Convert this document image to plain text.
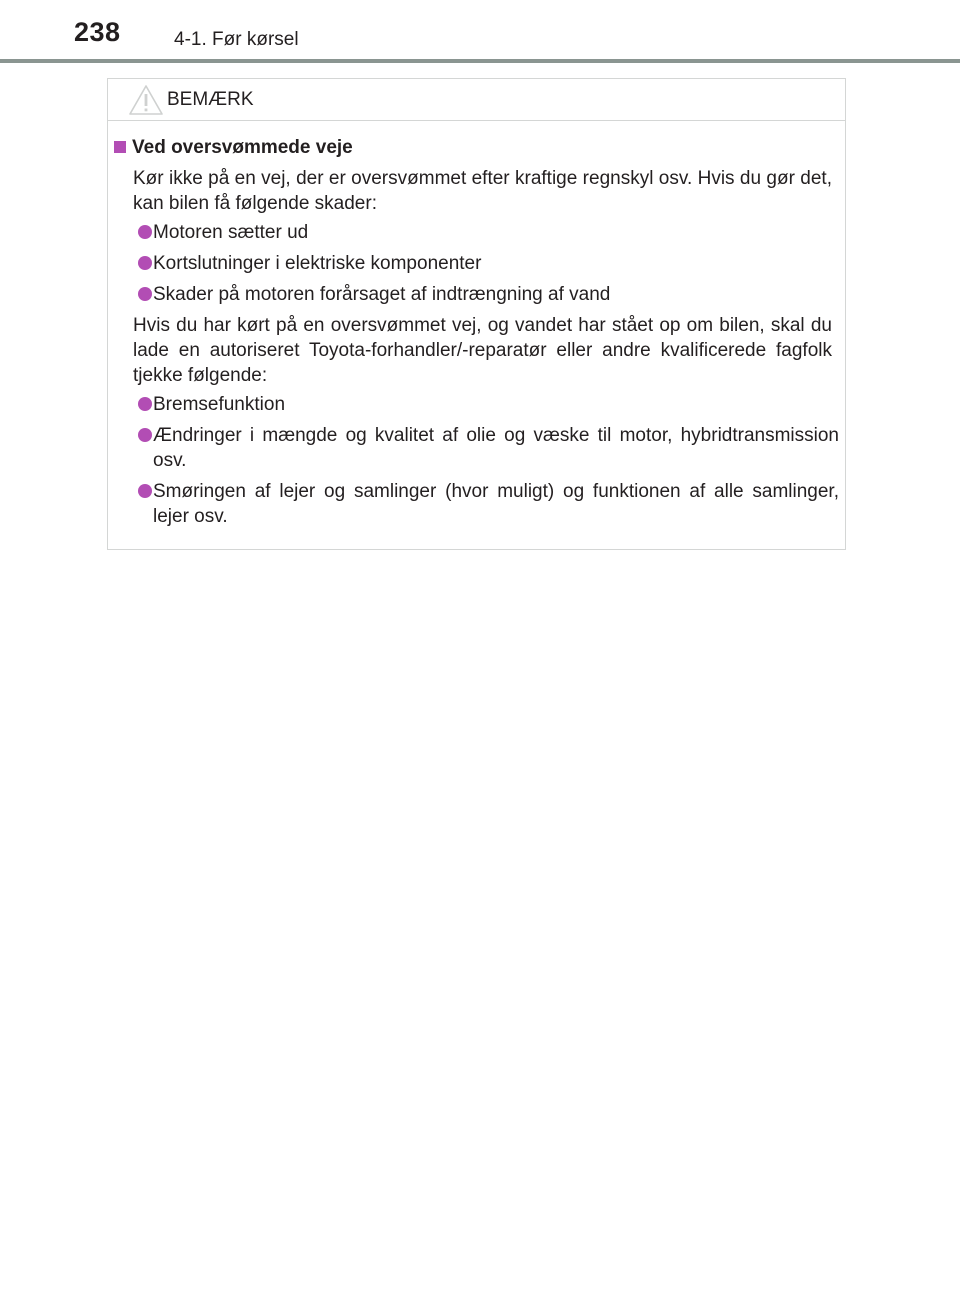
238	4-1. Før kørsel
BEMÆRK
Ved oversvømmede veje
Kør ikke på en vej, der er oversvømmet efter kraftige regnskyl osv. Hvis du gør det, kan bilen få følgende skader:
Motoren sætter ud
Kortslutninger i elektriske komponenter
Skader på motoren forårsaget af indtrængning af vand
Hvis du har kørt på en oversvømmet vej, og vandet har stået op om bilen, skal du lade en autoriseret Toyota-forhandler/-reparatør eller andre kvalificerede fagfolk tjekke følgende:
Bremsefunktion
Ændringer i mængde og kvalitet af olie og væske til motor, hybridtransmission osv.
Smøringen af lejer og samlinger (hvor muligt) og funktionen af alle samlinger, lejer osv.
